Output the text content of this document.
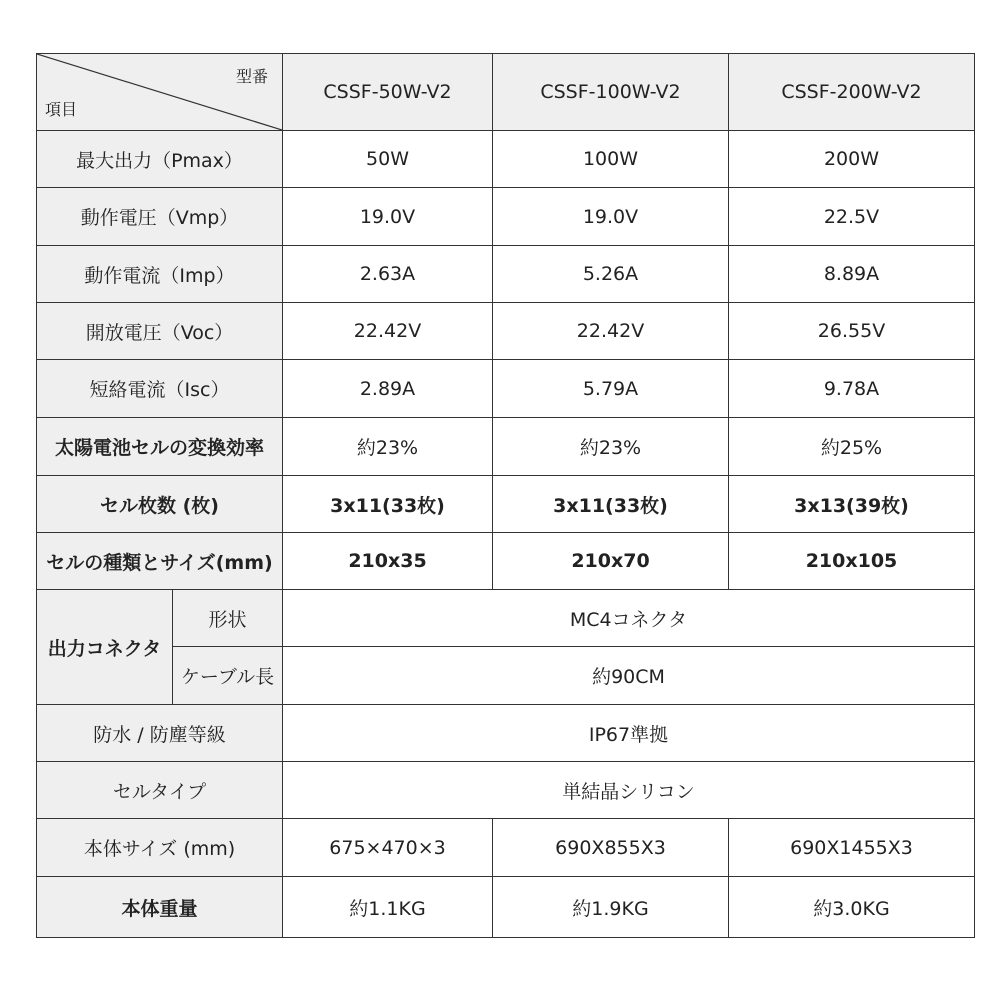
型番
項目		CSSF-50W-V2	CSSF-100W-V2	CSSF-200W-V2
最大出力（Pmax）		50W	100W	200W
動作電圧（Vmp）		19.0V	19.0V	22.5V
動作電流（Imp）		2.63A	5.26A	8.89A
開放電圧（Voc）		22.42V	22.42V	26.55V
短絡電流（Isc）		2.89A	5.79A	9.78A
太陽電池セルの変換効率		約23%	約23%	約25%
セル枚数 (枚)		3x11(33枚)	3x11(33枚)	3x13(39枚)
セルの種類とサイズ(mm)		210x35	210x70	210x105
出力コネクタ	形状	MC4コネクタ		
	ケーブル長	約90CM		
防水 / 防塵等級		IP67準拠		
セルタイプ		単結晶シリコン		
本体サイズ (mm)		675×470×3	690X855X3	690X1455X3
本体重量		約1.1KG	約1.9KG	約3.0KG
